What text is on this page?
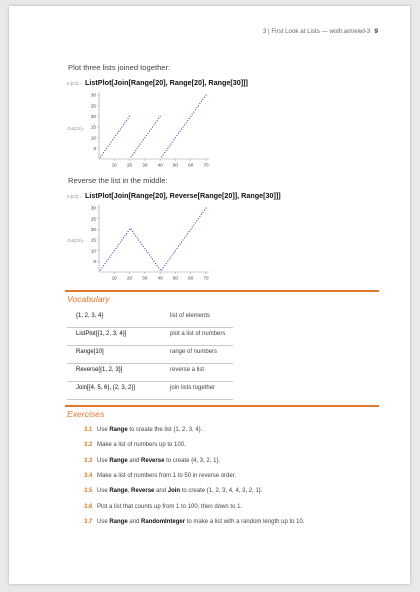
3 | First Look at Lists — wolfr.am/eiwl-3 9
Plot three lists joined together:
In[22]:= ListPlot[Join[Range[20], Range[20], Range[30]]]
Out[22]=
10 20 30 40 50 60 70
30
25
20
15
10
5
Reverse the list in the middle:
In[23]:= ListPlot[Join[Range[20], Reverse[Range[20]], Range[30]]]
Out[23]=
10 20 30 40 50 60 70
30
25
20
15
10
5
Vocabulary
{1, 2, 3, 4}	list of elements
ListPlot[{1, 2, 3, 4}]	plot a list of numbers
Range[10]	range of numbers
Reverse[{1, 2, 3}]	reverse a list
Join[{4, 5, 6}, {2, 3, 2}]	join lists together
Exercises
3.1 Use Range to create the list {1, 2, 3, 4}.
3.2 Make a list of numbers up to 100.
3.3 Use Range and Reverse to create {4, 3, 2, 1}.
3.4 Make a list of numbers from 1 to 50 in reverse order.
3.5 Use Range, Reverse and Join to create {1, 2, 3, 4, 4, 3, 2, 1}.
3.6 Plot a list that counts up from 1 to 100, then down to 1.
3.7 Use Range and RandomInteger to make a list with a random length up to 10.
